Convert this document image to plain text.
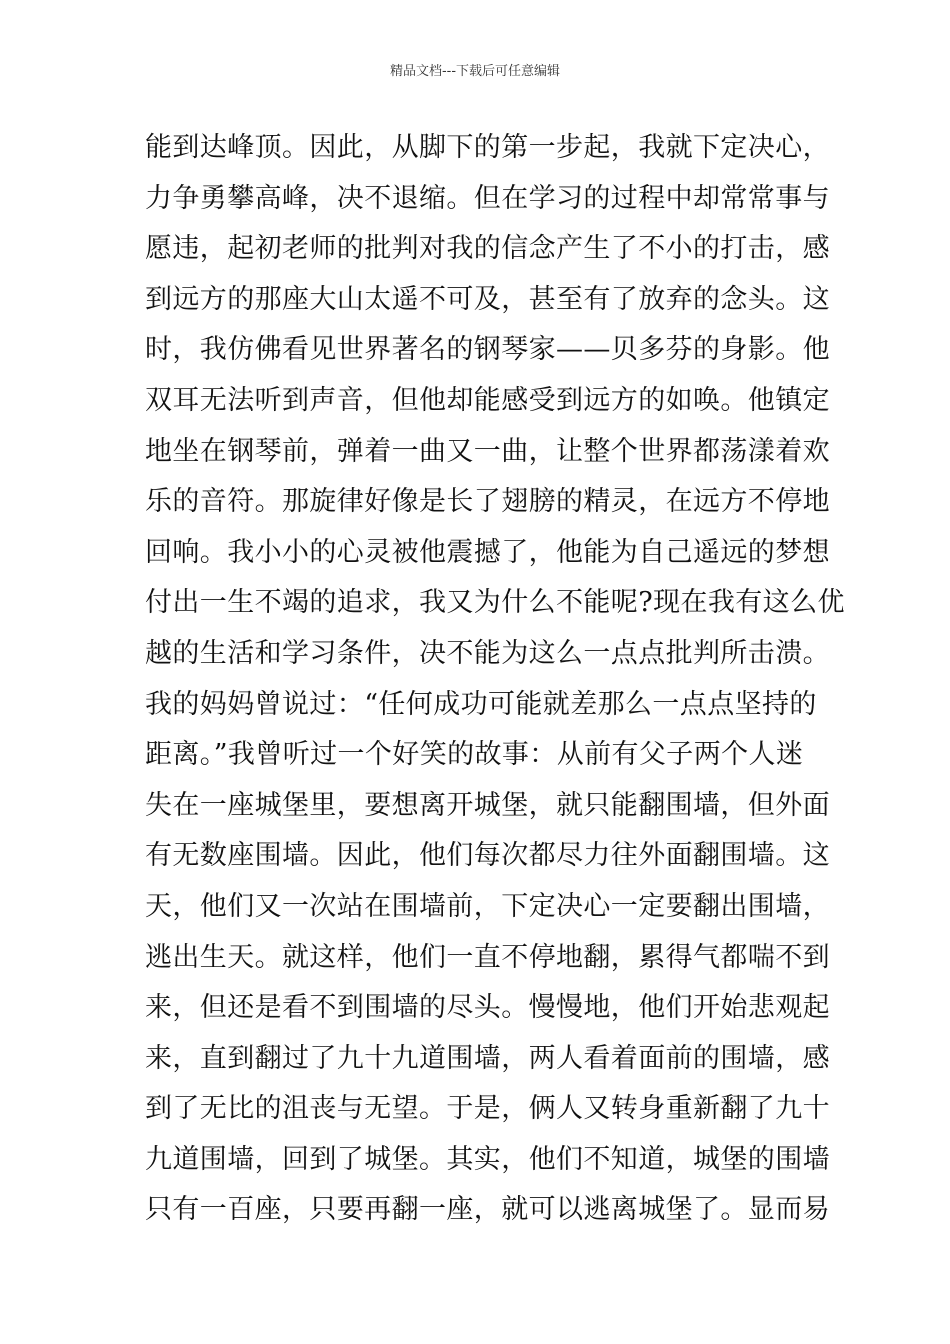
精品文档---下载后可任意编辑
能到达峰顶。因此，从脚下的第一步起，我就下定决心，
力争勇攀高峰，决不退缩。但在学习的过程中却常常事与
愿违，起初老师的批判对我的信念产生了不小的打击，感
到远方的那座大山太遥不可及，甚至有了放弃的念头。这
时，我仿佛看见世界著名的钢琴家——贝多芬的身影。他
双耳无法听到声音，但他却能感受到远方的如唤。他镇定
地坐在钢琴前，弹着一曲又一曲，让整个世界都荡漾着欢
乐的音符。那旋律好像是长了翅膀的精灵，在远方不停地
回响。我小小的心灵被他震撼了，他能为自己遥远的梦想
付出一生不竭的追求，我又为什么不能呢?现在我有这么优
越的生活和学习条件，决不能为这么一点点批判所击溃。
我的妈妈曾说过：“任何成功可能就差那么一点点坚持的
距离。”我曾听过一个好笑的故事：从前有父子两个人迷
失在一座城堡里，要想离开城堡，就只能翻围墙，但外面
有无数座围墙。因此，他们每次都尽力往外面翻围墙。这
天，他们又一次站在围墙前，下定决心一定要翻出围墙，
逃出生天。就这样，他们一直不停地翻，累得气都喘不到
来，但还是看不到围墙的尽头。慢慢地，他们开始悲观起
来，直到翻过了九十九道围墙，两人看着面前的围墙，感
到了无比的沮丧与无望。于是，俩人又转身重新翻了九十
九道围墙，回到了城堡。其实，他们不知道，城堡的围墙
只有一百座，只要再翻一座，就可以逃离城堡了。显而易
